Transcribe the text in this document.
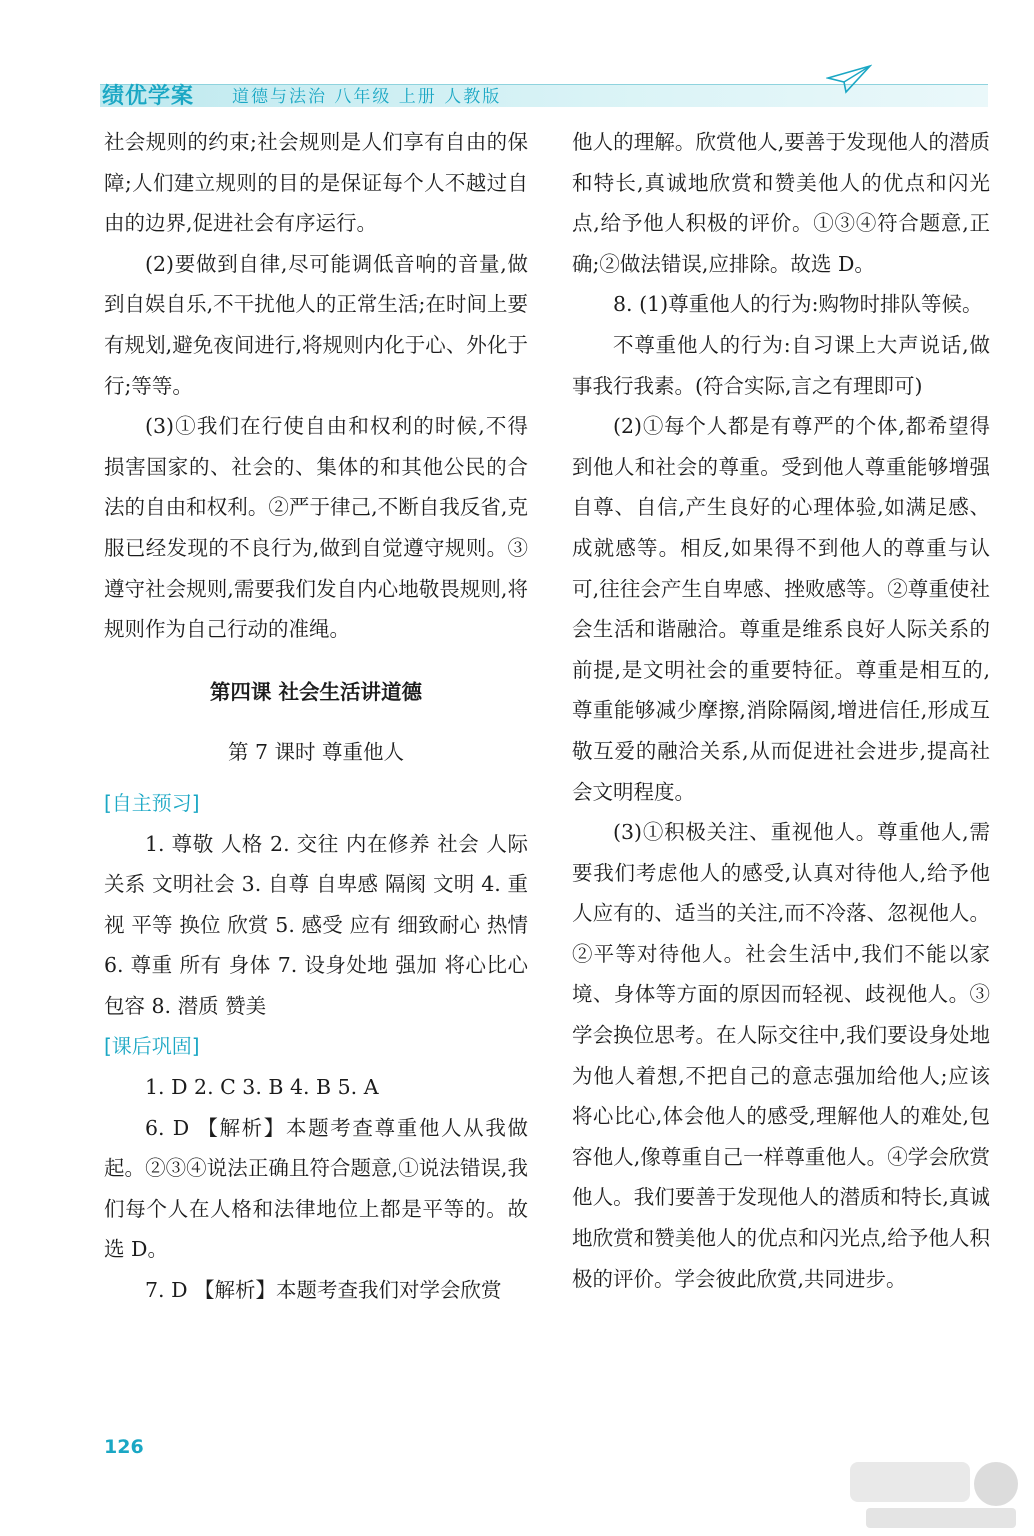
绩优学案 道德与法治 八年级 上册 人教版

社会规则的约束;社会规则是人们享有自由的保障;人们建立规则的目的是保证每个人不越过自由的边界,促进社会有序运行。

(2)要做到自律,尽可能调低音响的音量,做到自娱自乐,不干扰他人的正常生活;在时间上要有规划,避免夜间进行,将规则内化于心、外化于行;等等。

(3)①我们在行使自由和权利的时候,不得损害国家的、社会的、集体的和其他公民的合法的自由和权利。②严于律己,不断自我反省,克服已经发现的不良行为,做到自觉遵守规则。③遵守社会规则,需要我们发自内心地敬畏规则,将规则作为自己行动的准绳。

第四课 社会生活讲道德

第 7 课时 尊重他人

[自主预习]

1. 尊敬 人格 2. 交往 内在修养 社会 人际关系 文明社会 3. 自尊 自卑感 隔阂 文明 4. 重视 平等 换位 欣赏 5. 感受 应有 细致耐心 热情 6. 尊重 所有 身体 7. 设身处地 强加 将心比心 包容 8. 潜质 赞美

[课后巩固]

1. D 2. C 3. B 4. B 5. A

6. D 【解析】本题考查尊重他人从我做起。②③④说法正确且符合题意,①说法错误,我们每个人在人格和法律地位上都是平等的。故选 D。

7. D 【解析】本题考查我们对学会欣赏

他人的理解。欣赏他人,要善于发现他人的潜质和特长,真诚地欣赏和赞美他人的优点和闪光点,给予他人积极的评价。①③④符合题意,正确;②做法错误,应排除。故选 D。

8. (1)尊重他人的行为:购物时排队等候。

不尊重他人的行为:自习课上大声说话,做事我行我素。(符合实际,言之有理即可)

(2)①每个人都是有尊严的个体,都希望得到他人和社会的尊重。受到他人尊重能够增强自尊、自信,产生良好的心理体验,如满足感、成就感等。相反,如果得不到他人的尊重与认可,往往会产生自卑感、挫败感等。②尊重使社会生活和谐融洽。尊重是维系良好人际关系的前提,是文明社会的重要特征。尊重是相互的,尊重能够减少摩擦,消除隔阂,增进信任,形成互敬互爱的融洽关系,从而促进社会进步,提高社会文明程度。

(3)①积极关注、重视他人。尊重他人,需要我们考虑他人的感受,认真对待他人,给予他人应有的、适当的关注,而不冷落、忽视他人。②平等对待他人。社会生活中,我们不能以家境、身体等方面的原因而轻视、歧视他人。③学会换位思考。在人际交往中,我们要设身处地为他人着想,不把自己的意志强加给他人;应该将心比心,体会他人的感受,理解他人的难处,包容他人,像尊重自己一样尊重他人。④学会欣赏他人。我们要善于发现他人的潜质和特长,真诚地欣赏和赞美他人的优点和闪光点,给予他人积极的评价。学会彼此欣赏,共同进步。

126
